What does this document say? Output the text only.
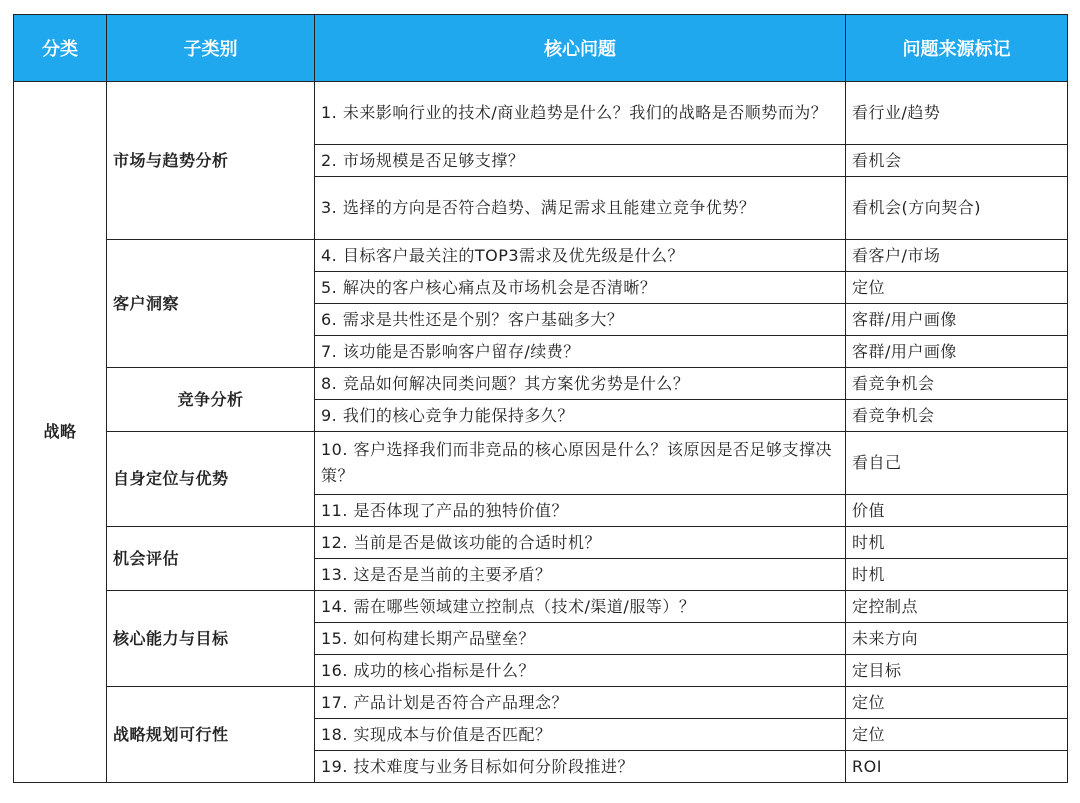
分类	子类别	核心问题	问题来源标记
战略	市场与趋势分析	1. 未来影响行业的技术/商业趋势是什么？我们的战略是否顺势而为？	看行业/趋势
		2. 市场规模是否足够支撑？	看机会
		3. 选择的方向是否符合趋势、满足需求且能建立竞争优势？	看机会(方向契合)
	客户洞察	4. 目标客户最关注的TOP3需求及优先级是什么？	看客户/市场
		5. 解决的客户核心痛点及市场机会是否清晰？	定位
		6. 需求是共性还是个别？客户基础多大？	客群/用户画像
		7. 该功能是否影响客户留存/续费？	客群/用户画像
	竞争分析	8. 竞品如何解决同类问题？其方案优劣势是什么？	看竞争机会
		9. 我们的核心竞争力能保持多久？	看竞争机会
	自身定位与优势	10. 客户选择我们而非竞品的核心原因是什么？该原因是否足够支撑决策？	看自己
		11. 是否体现了产品的独特价值？	价值
	机会评估	12. 当前是否是做该功能的合适时机？	时机
		13. 这是否是当前的主要矛盾？	时机
	核心能力与目标	14. 需在哪些领域建立控制点（技术/渠道/服等）？	定控制点
		15. 如何构建长期产品壁垒？	未来方向
		16. 成功的核心指标是什么？	定目标
	战略规划可行性	17. 产品计划是否符合产品理念？	定位
		18. 实现成本与价值是否匹配？	定位
		19. 技术难度与业务目标如何分阶段推进？	ROI
